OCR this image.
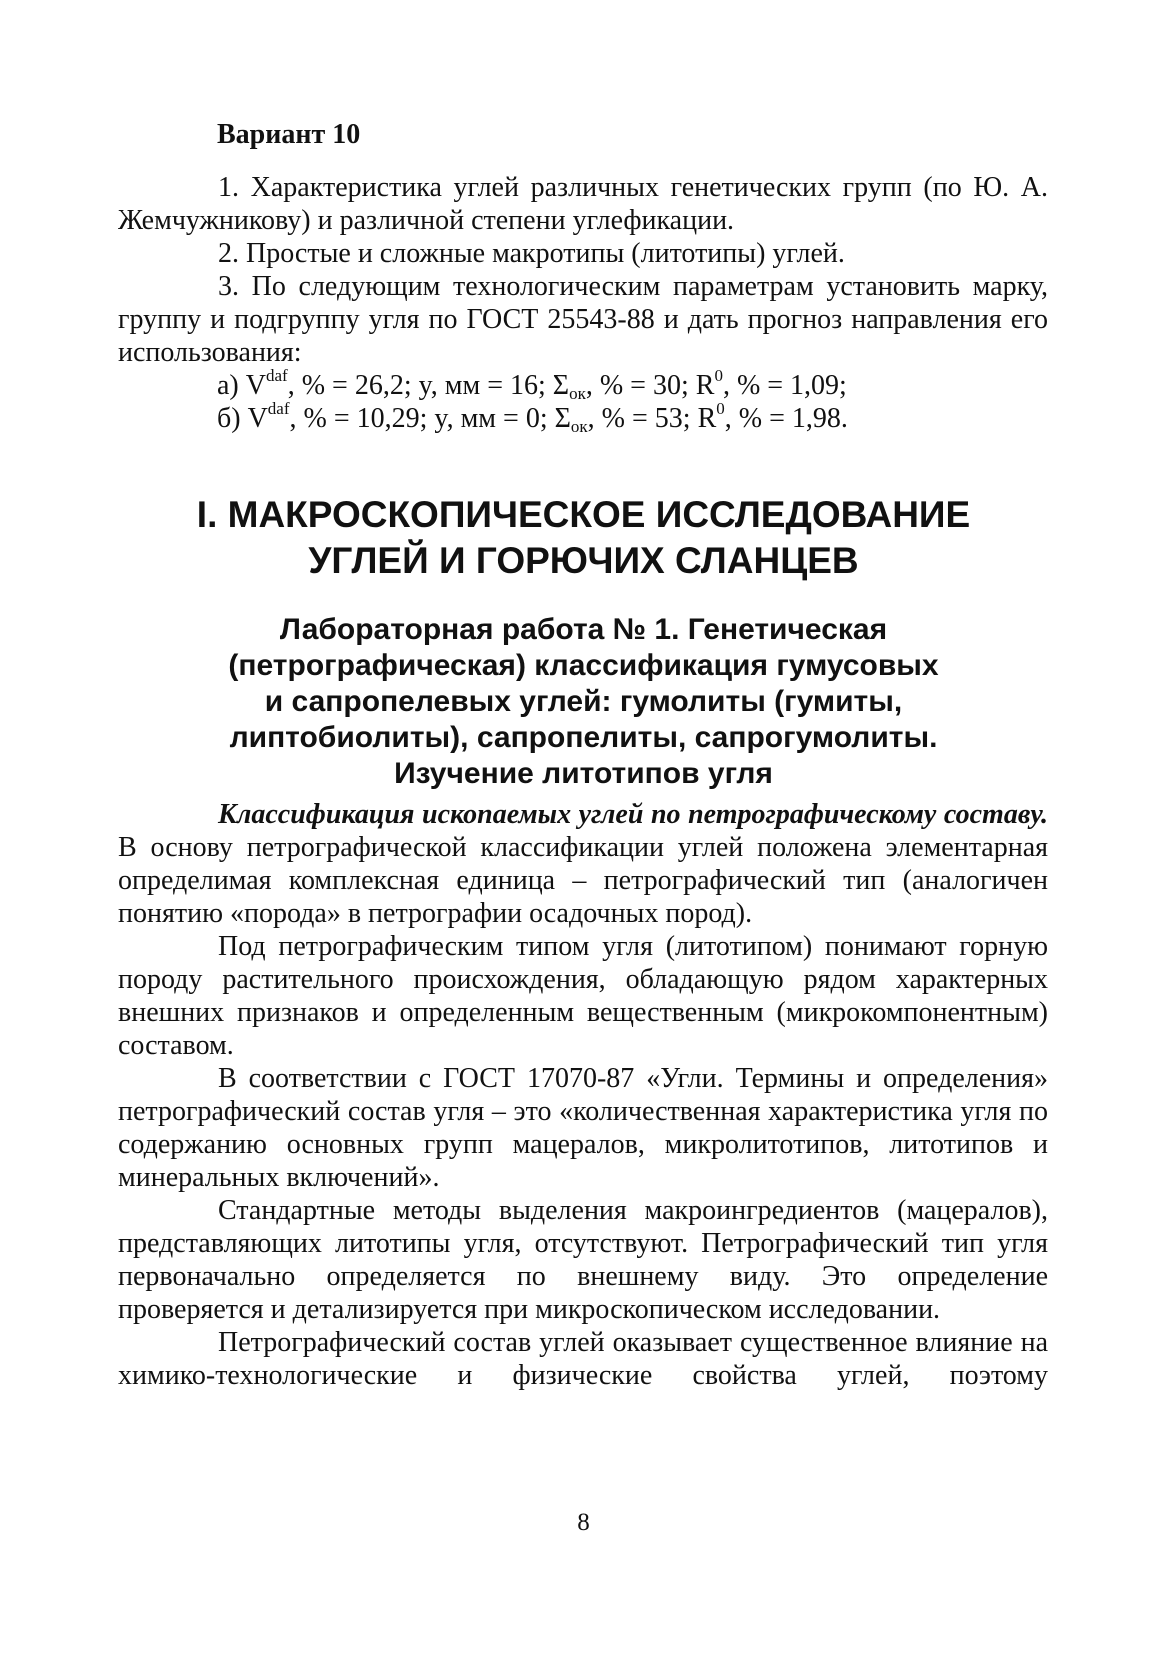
Вариант 10
1. Характеристика углей различных генетических групп (по Ю. А. Жемчужникову) и различной степени углефикации.
2. Простые и сложные макротипы (литотипы) углей.
3. По следующим технологическим параметрам установить марку, группу и подгруппу угля по ГОСТ 25543-88 и дать прогноз направления его использования:
а) $V^{daf}$, % = 26,2; y, мм = 16; $\Sigma_{ок}$, % = 30; $R^0$, % = 1,09;
б) $V^{daf}$, % = 10,29; y, мм = 0; $\Sigma_{ок}$, % = 53; $R^0$, % = 1,98.
I. МАКРОСКОПИЧЕСКОЕ ИССЛЕДОВАНИЕ
УГЛЕЙ И ГОРЮЧИХ СЛАНЦЕВ
Лабораторная работа № 1. Генетическая
(петрографическая) классификация гумусовых
и сапропелевых углей: гумолиты (гумиты,
липтобиолиты), сапропелиты, сапрогумолиты.
Изучение литотипов угля
Классификация ископаемых углей по петрографическому составу. В основу петрографической классификации углей положена элементарная определимая комплексная единица – петрографический тип (аналогичен понятию «порода» в петрографии осадочных пород).
Под петрографическим типом угля (литотипом) понимают горную породу растительного происхождения, обладающую рядом характерных внешних признаков и определенным вещественным (микрокомпонентным) составом.
В соответствии с ГОСТ 17070-87 «Угли. Термины и определения» петрографический состав угля – это «количественная характеристика угля по содержанию основных групп мацералов, микролитотипов, литотипов и минеральных включений».
Стандартные методы выделения макроингредиентов (мацералов), представляющих литотипы угля, отсутствуют. Петрографический тип угля первоначально определяется по внешнему виду. Это определение проверяется и детализируется при микроскопическом исследовании.
Петрографический состав углей оказывает существенное влияние на химико-технологические и физические свойства углей, поэтому
8
